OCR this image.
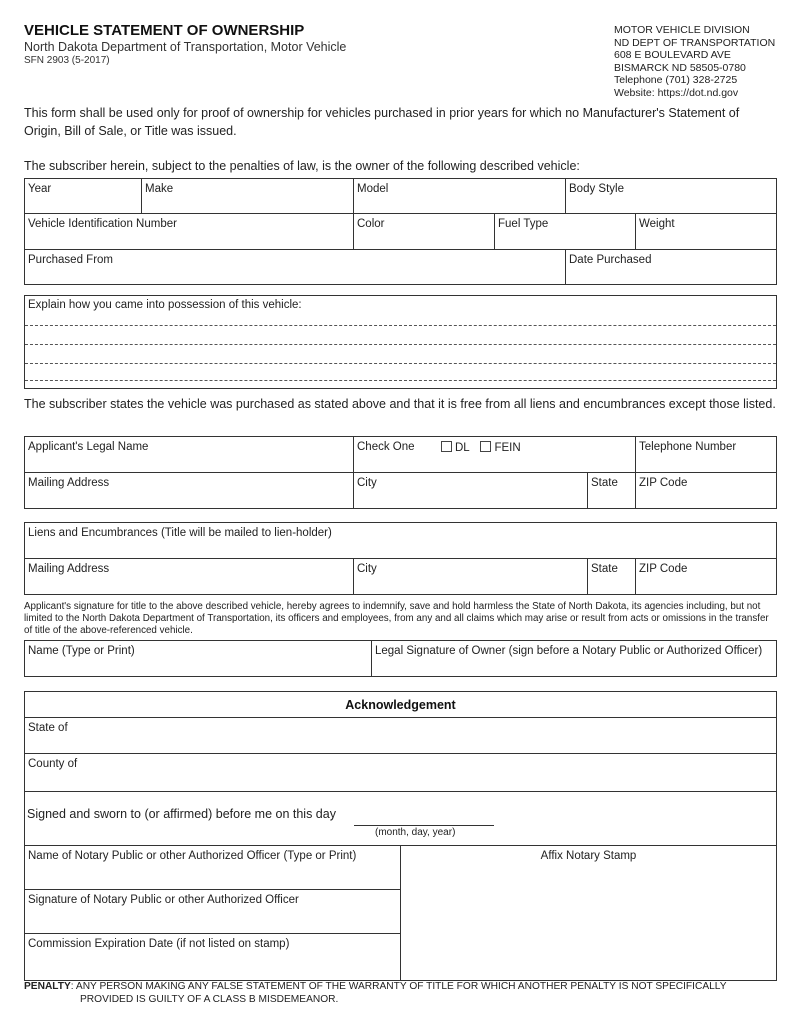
VEHICLE STATEMENT OF OWNERSHIP
North Dakota Department of Transportation, Motor Vehicle
SFN 2903 (5-2017)
MOTOR VEHICLE DIVISION
ND DEPT OF TRANSPORTATION
608 E BOULEVARD AVE
BISMARCK ND 58505-0780
Telephone (701) 328-2725
Website: https://dot.nd.gov
This form shall be used only for proof of ownership for vehicles purchased in prior years for which no Manufacturer's Statement of Origin, Bill of Sale, or Title was issued.
The subscriber herein, subject to the penalties of law, is the owner of the following described vehicle:
Year	Make	Model	Body Style
Vehicle Identification Number	Color	Fuel Type	Weight
Purchased From	Date Purchased
Explain how you came into possession of this vehicle:
The subscriber states the vehicle was purchased as stated above and that it is free from all liens and encumbrances except those listed.
Applicant's Legal Name	Check One	DL FEIN	Telephone Number
Mailing Address	City	State	ZIP Code
Liens and Encumbrances (Title will be mailed to lien-holder)
Mailing Address	City	State	ZIP Code
Applicant's signature for title to the above described vehicle, hereby agrees to indemnify, save and hold harmless the State of North Dakota, its agencies including, but not limited to the North Dakota Department of Transportation, its officers and employees, from any and all claims which may arise or result from acts or omissions in the transfer of title of the above-referenced vehicle.
Name (Type or Print)	Legal Signature of Owner (sign before a Notary Public or Authorized Officer)
Acknowledgement
State of
County of
Signed and sworn to (or affirmed) before me on this day
(month, day, year)
Name of Notary Public or other Authorized Officer (Type or Print)
Signature of Notary Public or other Authorized Officer
Commission Expiration Date (if not listed on stamp)
Affix Notary Stamp
PENALTY: ANY PERSON MAKING ANY FALSE STATEMENT OF THE WARRANTY OF TITLE FOR WHICH ANOTHER PENALTY IS NOT SPECIFICALLY
PROVIDED IS GUILTY OF A CLASS B MISDEMEANOR.
